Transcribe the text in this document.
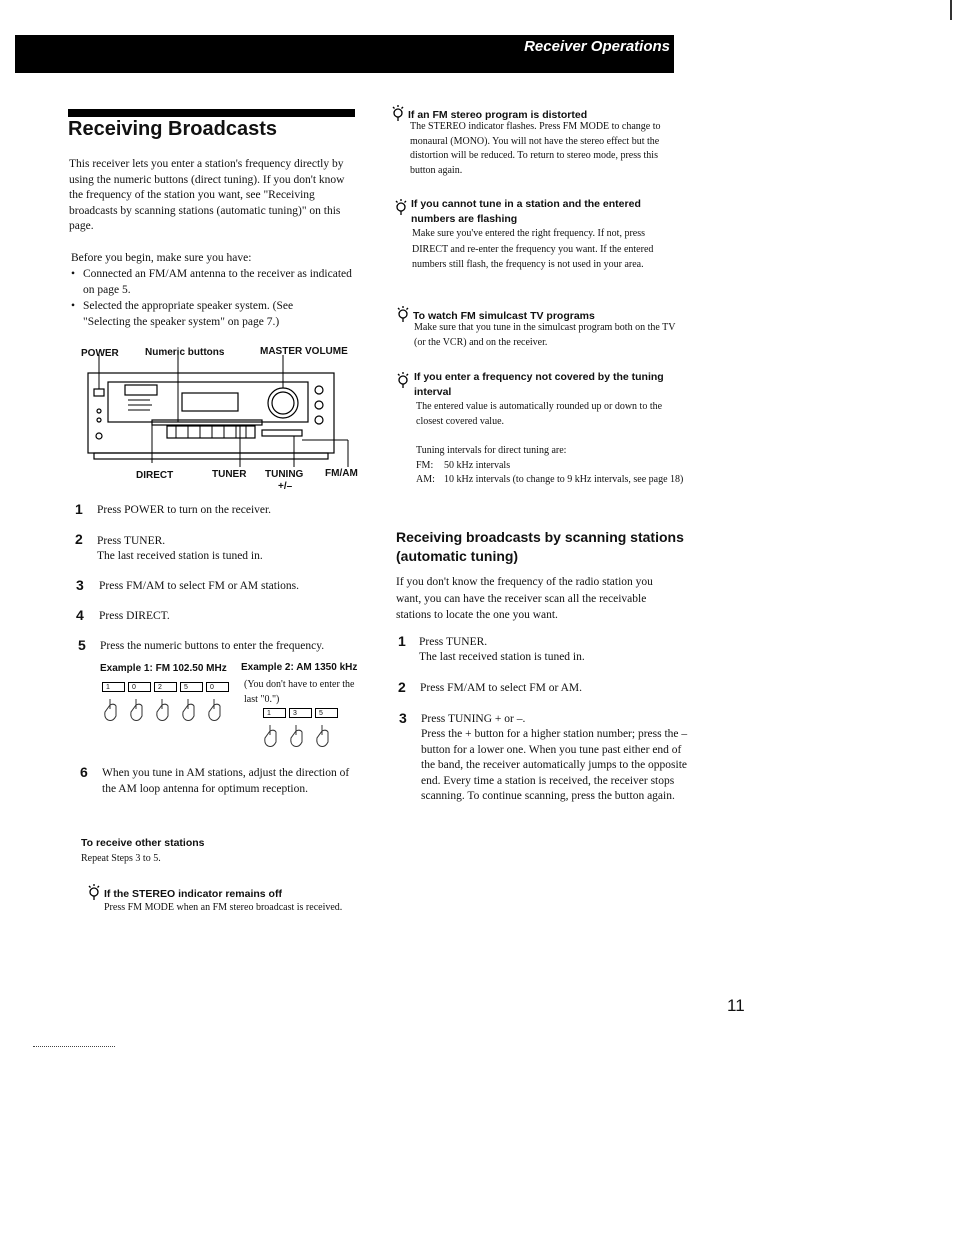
Receiver Operations
Receiving Broadcasts
This receiver lets you enter a station's frequency directly by using the numeric buttons (direct tuning). If you don't know the frequency of the station you want, see "Receiving broadcasts by scanning stations (automatic tuning)" on this page.
Before you begin, make sure you have:
• Connected an FM/AM antenna to the receiver as indicated on page 5.
• Selected the appropriate speaker system. (See "Selecting the speaker system" on page 7.)
POWER	Numeric buttons	MASTER VOLUME
DIRECT	TUNER TUNING
+/–
FM/AM
1 Press POWER to turn on the receiver.
2 Press TUNER.
The last received station is tuned in.
3 Press FM/AM to select FM or AM stations.
4 Press DIRECT.
5 Press the numeric buttons to enter the frequency.
Example 1: FM 102.50 MHz Example 2: AM 1350 kHz
1	0	2	5	0	(You don't have to enter the last "0.")
1	3	5
6 When you tune in AM stations, adjust the direction of the AM loop antenna for optimum reception.
To receive other stations
Repeat Steps 3 to 5.
If the STEREO indicator remains off
Press FM MODE when an FM stereo broadcast is received.
If an FM stereo program is distorted
The STEREO indicator flashes. Press FM MODE to change to monaural (MONO). You will not have the stereo effect but the distortion will be reduced. To return to stereo mode, press this button again.
If you cannot tune in a station and the entered numbers are flashing
Make sure you've entered the right frequency. If not, press DIRECT and re-enter the frequency you want. If the entered numbers still flash, the frequency is not used in your area.
To watch FM simulcast TV programs
Make sure that you tune in the simulcast program both on the TV (or the VCR) and on the receiver.
If you enter a frequency not covered by the tuning interval
The entered value is automatically rounded up or down to the closest covered value.
Tuning intervals for direct tuning are:
FM: 50 kHz intervals
AM: 10 kHz intervals (to change to 9 kHz intervals, see page 18)
Receiving broadcasts by scanning stations (automatic tuning)
If you don't know the frequency of the radio station you want, you can have the receiver scan all the receivable stations to locate the one you want.
1 Press TUNER.
The last received station is tuned in.
2 Press FM/AM to select FM or AM.
3 Press TUNING + or –.
Press the + button for a higher station number; press the – button for a lower one. When you tune past either end of the band, the receiver automatically jumps to the opposite end. Every time a station is received, the receiver stops scanning. To continue scanning, press the button again.
11
